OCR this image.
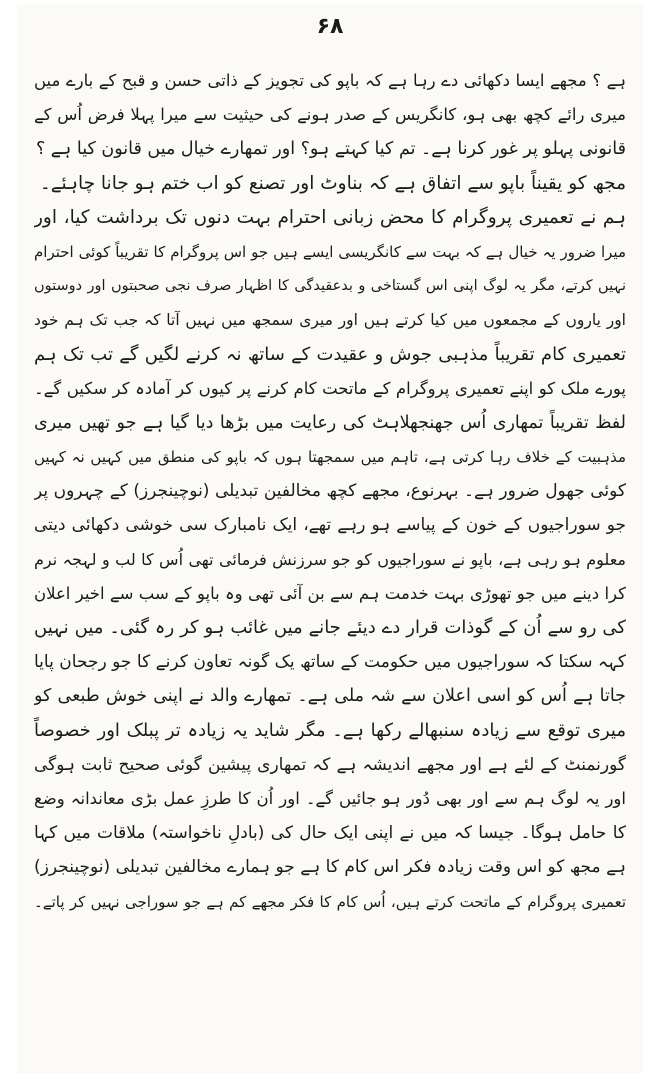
۶۸
ہے ؟ مجھے ایسا دکھائی دے رہا ہے کہ باپو کی تجویز کے ذاتی حسن و قبح کے بارے میں
میری رائے کچھ بھی ہو، کانگریس کے صدر ہونے کی حیثیت سے میرا پہلا فرض اُس کے
قانونی پہلو پر غور کرنا ہے۔ تم کیا کہتے ہو؟ اور تمھارے خیال میں قانون کیا ہے ؟
مجھ کو یقیناً باپو سے اتفاق ہے کہ بناوٹ اور تصنع کو اب ختم ہو جانا چاہئے۔
ہم نے تعمیری پروگرام کا محض زبانی احترام بہت دنوں تک برداشت کیا، اور
میرا ضرور یہ خیال ہے کہ بہت سے کانگریسی ایسے ہیں جو اس پروگرام کا تقریباً کوئی احترام
نہیں کرتے، مگر یہ لوگ اپنی اس گستاخی و بدعقیدگی کا اظہار صرف نجی صحبتوں اور دوستوں
اور یاروں کے مجمعوں میں کیا کرتے ہیں اور میری سمجھ میں نہیں آتا کہ جب تک ہم خود
تعمیری کام تقریباً مذہبی جوش و عقیدت کے ساتھ نہ کرنے لگیں گے تب تک ہم
پورے ملک کو اپنے تعمیری پروگرام کے ماتحت کام کرنے پر کیوں کر آمادہ کر سکیں گے۔
لفظ تقریباً تمھاری اُس جھنجھلاہٹ کی رعایت میں بڑھا دیا گیا ہے جو تھیں میری
مذہبیت کے خلاف رہا کرتی ہے، تاہم میں سمجھتا ہوں کہ باپو کی منطق میں کہیں نہ کہیں
کوئی جھول ضرور ہے۔ بہرنوع، مجھے کچھ مخالفین تبدیلی (نوچینجرز) کے چہروں پر
جو سوراجیوں کے خون کے پیاسے ہو رہے تھے، ایک نامبارک سی خوشی دکھائی دیتی
معلوم ہو رہی ہے، باپو نے سوراجیوں کو جو سرزنش فرمائی تھی اُس کا لب و لہجہ نرم
کرا دینے میں جو تھوڑی بہت خدمت ہم سے بن آئی تھی وہ باپو کے سب سے اخیر اعلان
کی رو سے اُن کے گوذات قرار دے دیئے جانے میں غائب ہو کر رہ گئی۔ میں نہیں
کہہ سکتا کہ سوراجیوں میں حکومت کے ساتھ یک گونہ تعاون کرنے کا جو رجحان پایا
جاتا ہے اُس کو اسی اعلان سے شہ ملی ہے۔ تمھارے والد نے اپنی خوش طبعی کو
میری توقع سے زیادہ سنبھالے رکھا ہے۔ مگر شاید یہ زیادہ تر پبلک اور خصوصاً
گورنمنٹ کے لئے ہے اور مجھے اندیشہ ہے کہ تمھاری پیشین گوئی صحیح ثابت ہوگی
اور یہ لوگ ہم سے اور بھی دُور ہو جائیں گے۔ اور اُن کا طرزِ عمل بڑی معاندانہ وضع
کا حامل ہوگا۔ جیسا کہ میں نے اپنی ایک حال کی (بادلِ ناخواستہ) ملاقات میں کہا
ہے مجھ کو اس وقت زیادہ فکر اس کام کا ہے جو ہمارے مخالفین تبدیلی (نوچینجرز)
تعمیری پروگرام کے ماتحت کرتے ہیں، اُس کام کا فکر مجھے کم ہے جو سوراجی نہیں کر پاتے۔
